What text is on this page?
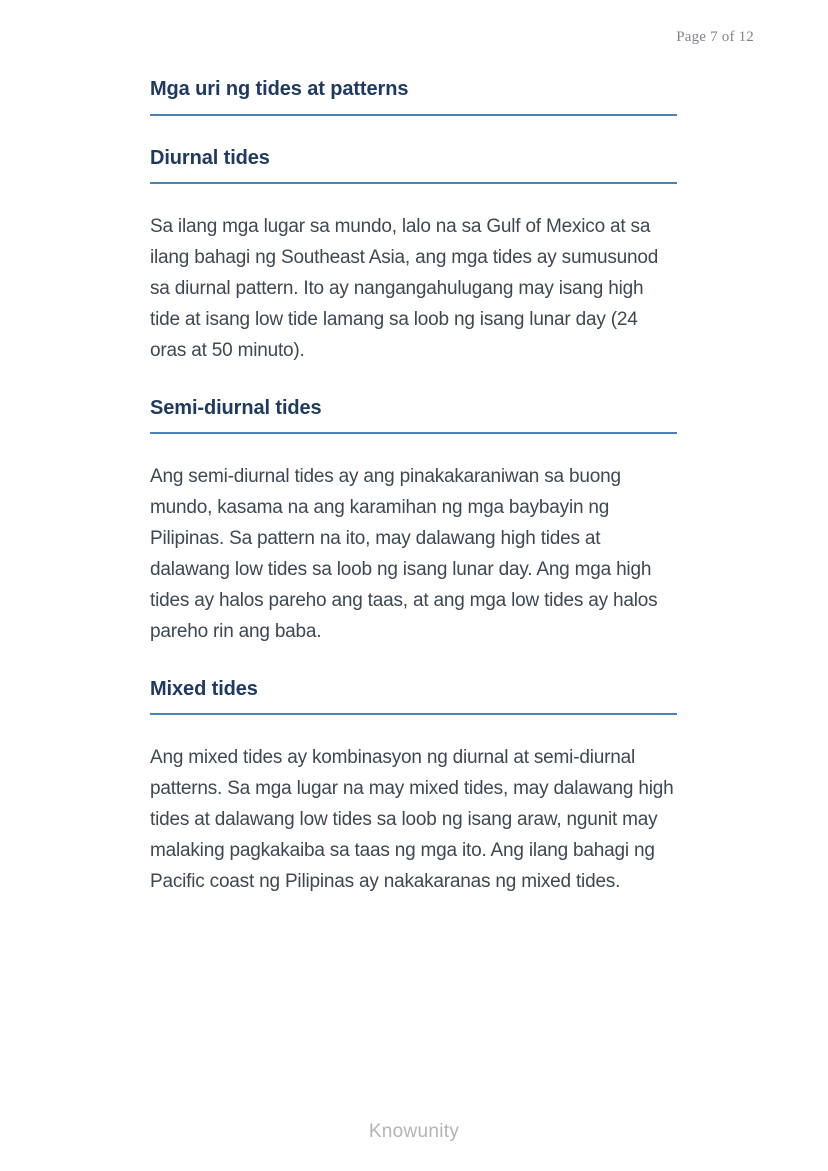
Page 7 of 12
Mga uri ng tides at patterns
Diurnal tides

Sa ilang mga lugar sa mundo, lalo na sa Gulf of Mexico at sa ilang bahagi ng Southeast Asia, ang mga tides ay sumusunod sa diurnal pattern. Ito ay nangangahulugang may isang high tide at isang low tide lamang sa loob ng isang lunar day (24 oras at 50 minuto).

Semi-diurnal tides

Ang semi-diurnal tides ay ang pinakakaraniwan sa buong mundo, kasama na ang karamihan ng mga baybayin ng Pilipinas. Sa pattern na ito, may dalawang high tides at dalawang low tides sa loob ng isang lunar day. Ang mga high tides ay halos pareho ang taas, at ang mga low tides ay halos pareho rin ang baba.

Mixed tides

Ang mixed tides ay kombinasyon ng diurnal at semi-diurnal patterns. Sa mga lugar na may mixed tides, may dalawang high tides at dalawang low tides sa loob ng isang araw, ngunit may malaking pagkakaiba sa taas ng mga ito. Ang ilang bahagi ng Pacific coast ng Pilipinas ay nakakaranas ng mixed tides.

Knowunity
